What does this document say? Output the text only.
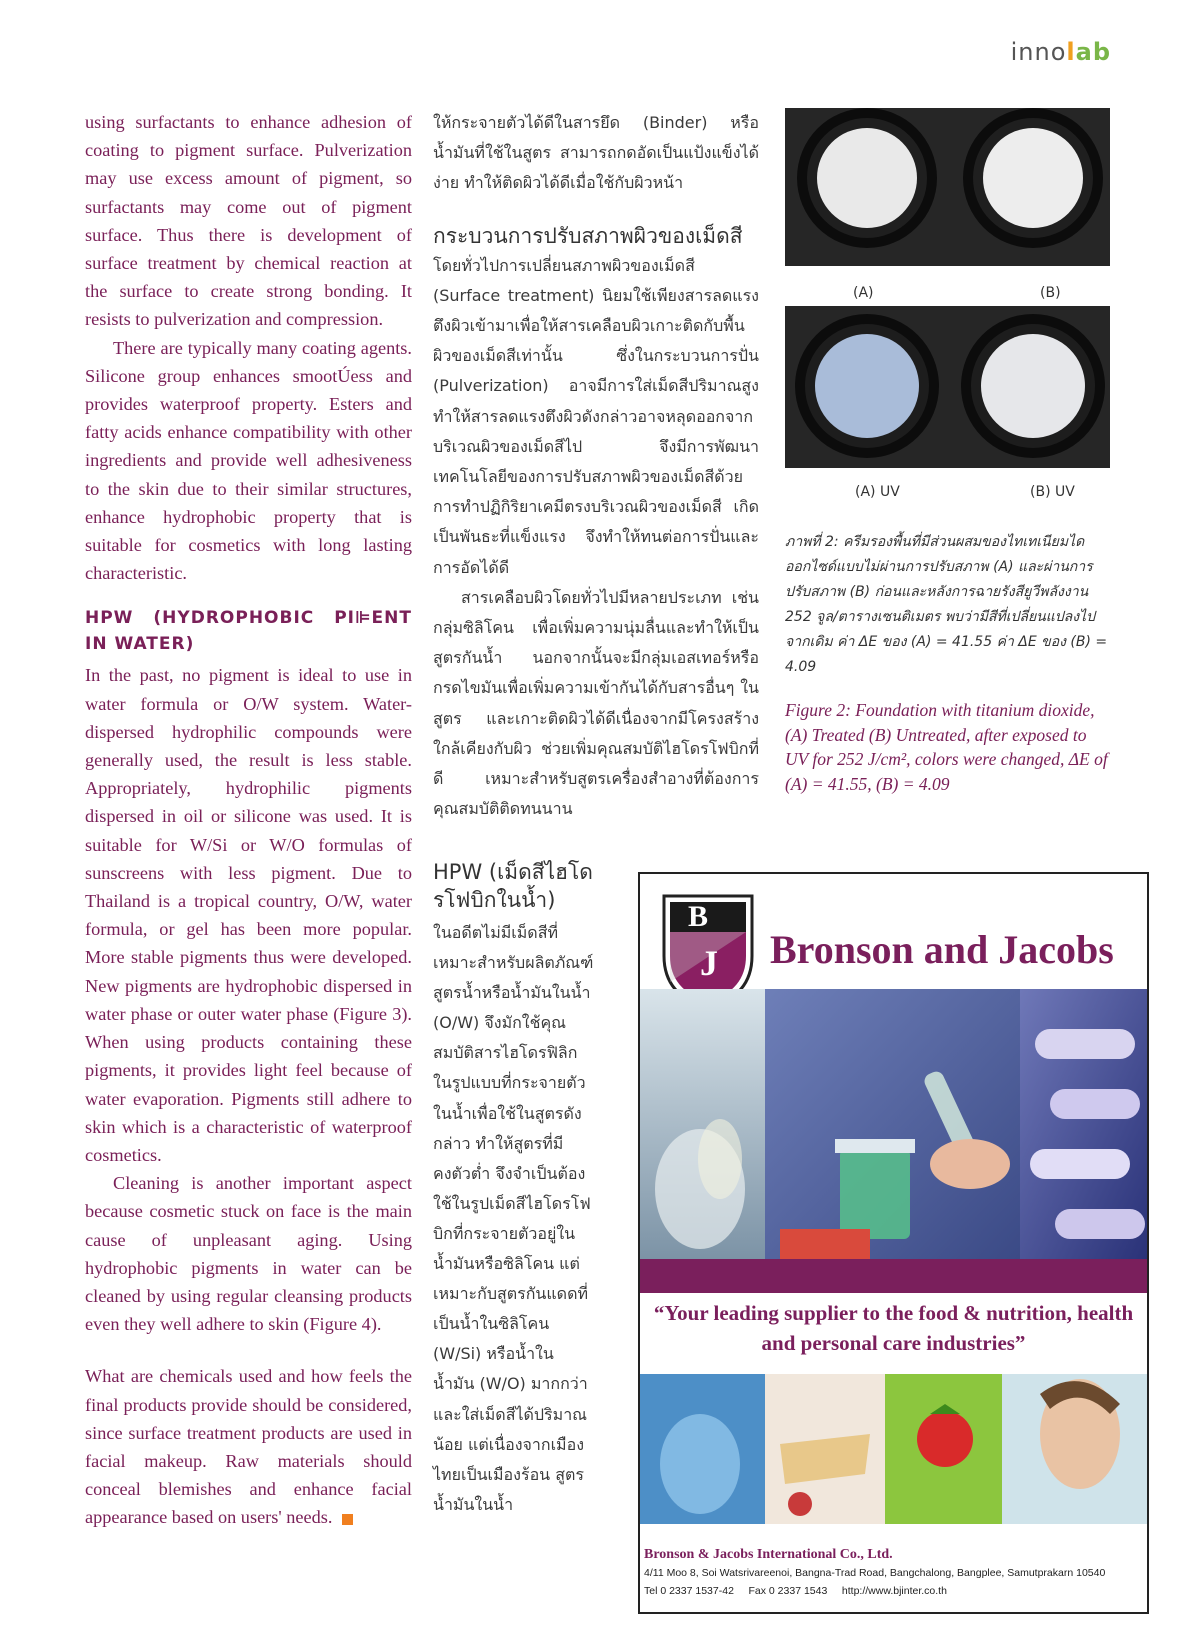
innolab

using surfactants to enhance adhesion of coating to pigment surface. Pulverization may use excess amount of pigment, so surfactants may come out of pigment surface. Thus there is development of surface treatment by chemical reaction at the surface to create strong bonding. It resists to pulverization and compression.

There are typically many coating agents. Silicone group enhances smootÚess and provides waterproof property. Esters and fatty acids enhance compatibility with other ingredients and provide well adhesiveness to the skin due to their similar structures, enhance hydrophobic property that is suitable for cosmetics with long lasting characteristic.

HPW (HYDROPHOBIC PI⊫ENT IN WATER)

In the past, no pigment is ideal to use in water formula or O/W system. Water-dispersed hydrophilic compounds were generally used, the result is less stable. Appropriately, hydrophilic pigments dispersed in oil or silicone was used. It is suitable for W/Si or W/O formulas of sunscreens with less pigment. Due to Thailand is a tropical country, O/W, water formula, or gel has been more popular. More stable pigments thus were developed. New pigments are hydrophobic dispersed in water phase or outer water phase (Figure 3). When using products containing these pigments, it provides light feel because of water evaporation. Pigments still adhere to skin which is a characteristic of waterproof cosmetics.

Cleaning is another important aspect because cosmetic stuck on face is the main cause of unpleasant aging. Using hydrophobic pigments in water can be cleaned by using regular cleansing products even they well adhere to skin (Figure 4).

What are chemicals used and how feels the final products provide should be considered, since surface treatment products are used in facial makeup. Raw materials should conceal blemishes and enhance facial appearance based on users' needs.

ให้กระจายตัวได้ดีในสารยึด (Binder) หรือน้ำมันที่ใช้ในสูตร สามารถกดอัดเป็นแป้งแข็งได้ง่าย ทำให้ติดผิวได้ดีเมื่อใช้กับผิวหน้า

กระบวนการปรับสภาพผิวของเม็ดสี

โดยทั่วไปการเปลี่ยนสภาพผิวของเม็ดสี (Surface treatment) นิยมใช้เพียงสารลดแรงตึงผิวเข้ามาเพื่อให้สารเคลือบผิวเกาะติดกับพื้นผิวของเม็ดสีเท่านั้น ซึ่งในกระบวนการปั่น (Pulverization) อาจมีการใส่เม็ดสีปริมาณสูง ทำให้สารลดแรงตึงผิวดังกล่าวอาจหลุดออกจากบริเวณผิวของเม็ดสีไป จึงมีการพัฒนาเทคโนโลยีของการปรับสภาพผิวของเม็ดสีด้วยการทำปฏิกิริยาเคมีตรงบริเวณผิวของเม็ดสี เกิดเป็นพันธะที่แข็งแรง จึงทำให้ทนต่อการปั่นและการอัดได้ดี

สารเคลือบผิวโดยทั่วไปมีหลายประเภท เช่น กลุ่มซิลิโคน เพื่อเพิ่มความนุ่มลื่นและทำให้เป็นสูตรกันน้ำ นอกจากนั้นจะมีกลุ่มเอสเทอร์หรือกรดไขมันเพื่อเพิ่มความเข้ากันได้กับสารอื่นๆ ในสูตร และเกาะติดผิวได้ดีเนื่องจากมีโครงสร้างใกล้เคียงกับผิว ช่วยเพิ่มคุณสมบัติไฮโดรโฟบิกที่ดี เหมาะสำหรับสูตรเครื่องสำอางที่ต้องการคุณสมบัติติดทนนาน

HPW (เม็ดสีไฮโดรโฟบิกในน้ำ)

ในอดีตไม่มีเม็ดสีที่เหมาะสำหรับผลิตภัณฑ์สูตรน้ำหรือน้ำมันในน้ำ (O/W) จึงมักใช้คุณสมบัติสารไฮโดรฟิลิกในรูปแบบที่กระจายตัวในน้ำเพื่อใช้ในสูตรดังกล่าว ทำให้สูตรที่มีคงตัวต่ำ จึงจำเป็นต้องใช้ในรูปเม็ดสีไฮโดรโฟบิกที่กระจายตัวอยู่ในน้ำมันหรือซิลิโคน แต่เหมาะกับสูตรกันแดดที่เป็นน้ำในซิลิโคน (W/Si) หรือน้ำในน้ำมัน (W/O) มากกว่า และใส่เม็ดสีได้ปริมาณน้อย แต่เนื่องจากเมืองไทยเป็นเมืองร้อน สูตรน้ำมันในน้ำ

(A)	(B)
(A) UV	(B) UV
ภาพที่ 2: ครีมรองพื้นที่มีส่วนผสมของไทเทเนียมไดออกไซด์แบบไม่ผ่านการปรับสภาพ (A) และผ่านการปรับสภาพ (B) ก่อนและหลังการฉายรังสียูวีพลังงาน 252 จูล/ตารางเซนติเมตร พบว่ามีสีที่เปลี่ยนแปลงไปจากเดิม ค่า ΔE ของ (A) = 41.55 ค่า ΔE ของ (B) = 4.09
Figure 2: Foundation with titanium dioxide, (A) Treated (B) Untreated, after exposed to UV for 252 J/cm², colors were changed, ΔE of (A) = 41.55, (B) = 4.09
B
J Bronson and Jacobs
“Your leading supplier to the food & nutrition, health and personal care industries”
Bronson & Jacobs International Co., Ltd.
4/11 Moo 8, Soi Watsrivareenoi, Bangna-Trad Road, Bangchalong, Bangplee, Samutprakarn 10540
Tel 0 2337 1537-42     Fax 0 2337 1543     http://www.bjinter.co.th
